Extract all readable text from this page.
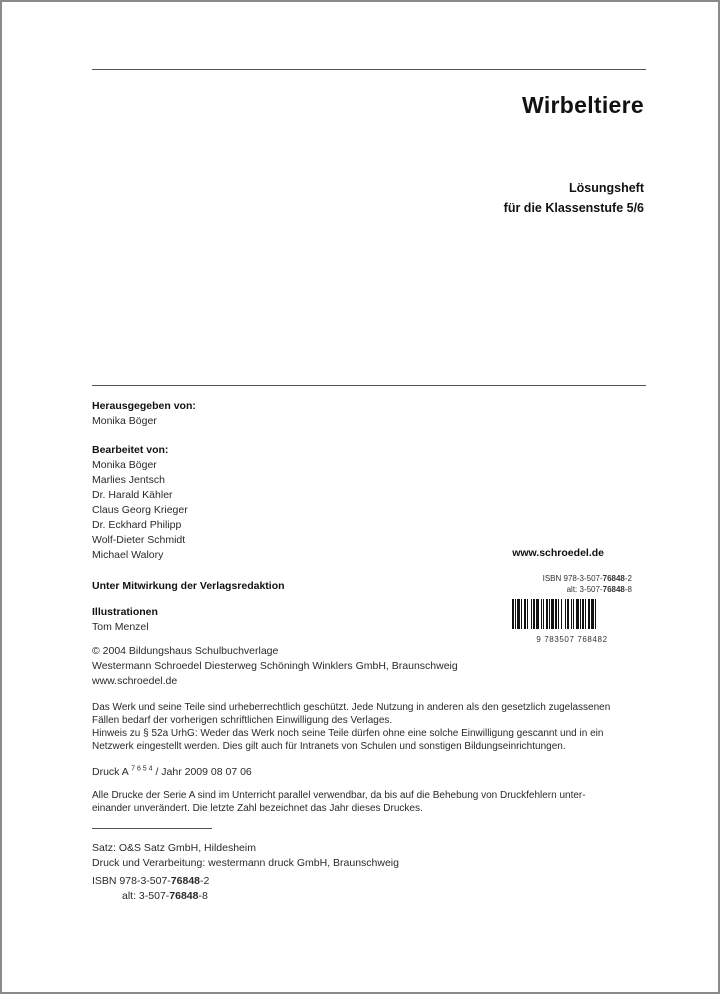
Wirbeltiere
Lösungsheft
für die Klassenstufe 5/6
Herausgegeben von:
Monika Böger
Bearbeitet von:
Monika Böger
Marlies Jentsch
Dr. Harald Kähler
Claus Georg Krieger
Dr. Eckhard Philipp
Wolf-Dieter Schmidt
Michael Walory	www.schroedel.de
ISBN 978-3-507-76848-2
alt: 3-507-76848-8
9 783507 768482
Unter Mitwirkung der Verlagsredaktion
Illustrationen
Tom Menzel
© 2004 Bildungshaus Schulbuchverlage
Westermann Schroedel Diesterweg Schöningh Winklers GmbH, Braunschweig
www.schroedel.de
Das Werk und seine Teile sind urheberrechtlich geschützt. Jede Nutzung in anderen als den gesetzlich zugelassenen
Fällen bedarf der vorherigen schriftlichen Einwilligung des Verlages.
Hinweis zu § 52a UrhG: Weder das Werk noch seine Teile dürfen ohne eine solche Einwilligung gescannt und in ein
Netzwerk eingestellt werden. Dies gilt auch für Intranets von Schulen und sonstigen Bildungseinrichtungen.
Druck A $^{7 6 5 4}$ / Jahr 2009 08 07 06
Alle Drucke der Serie A sind im Unterricht parallel verwendbar, da bis auf die Behebung von Druckfehlern unter-
einander unverändert. Die letzte Zahl bezeichnet das Jahr dieses Druckes.
Satz: O&S Satz GmbH, Hildesheim
Druck und Verarbeitung: westermann druck GmbH, Braunschweig
ISBN 978-3-507-76848-2
alt: 3-507-76848-8
